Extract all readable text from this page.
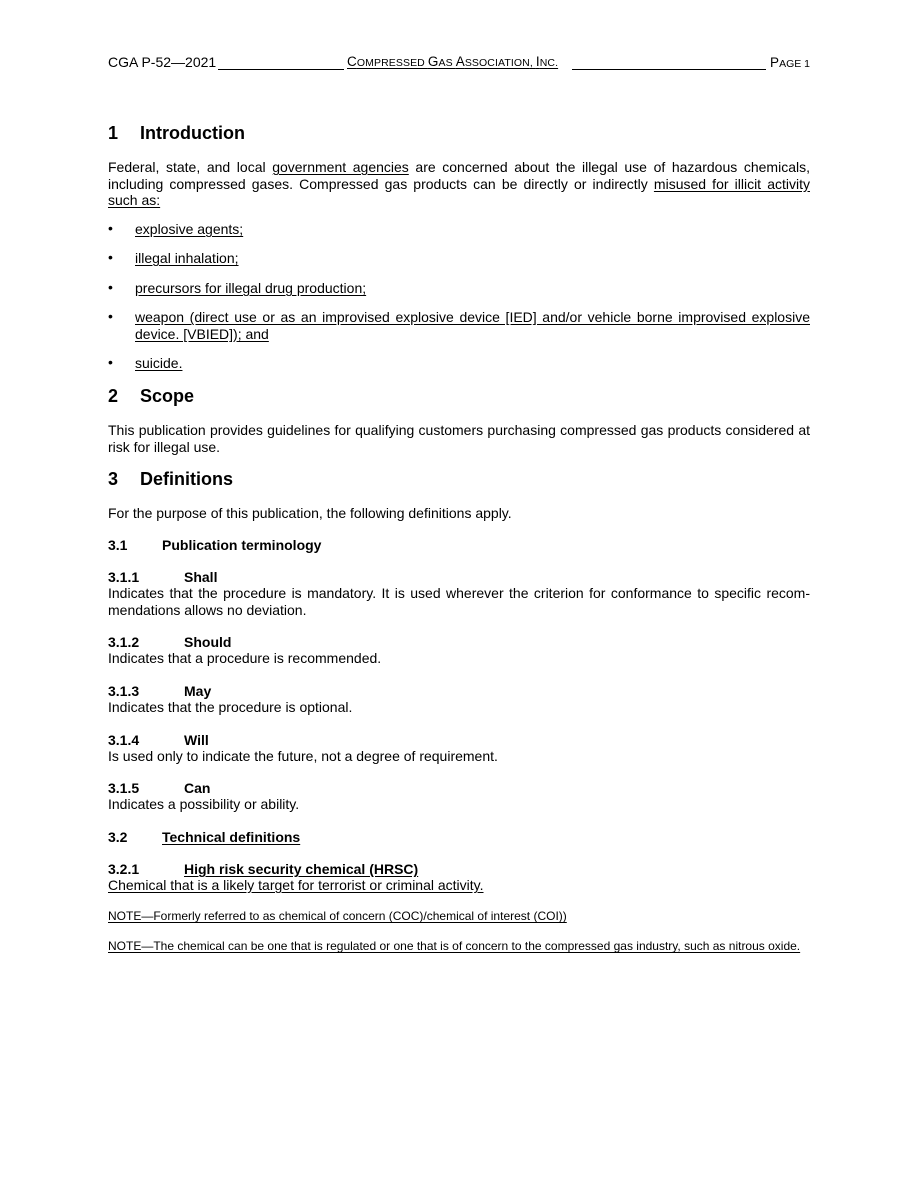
CGA P-52—2021	COMPRESSED GAS ASSOCIATION, INC.	PAGE 1
1 Introduction
Federal, state, and local government agencies are concerned about the illegal use of hazardous chemicals, including compressed gases. Compressed gas products can be directly or indirectly misused for illicit activity such as:
• explosive agents;
• illegal inhalation;
• precursors for illegal drug production;
• weapon (direct use or as an improvised explosive device [IED] and/or vehicle borne improvised explosive device. [VBIED]); and
• suicide.
2 Scope
This publication provides guidelines for qualifying customers purchasing compressed gas products considered at risk for illegal use.
3 Definitions
For the purpose of this publication, the following definitions apply.
3.1 Publication terminology
3.1.1	Shall
Indicates that the procedure is mandatory. It is used wherever the criterion for conformance to specific recom-mendations allows no deviation.
3.1.2	Should
Indicates that a procedure is recommended.
3.1.3	May
Indicates that the procedure is optional.
3.1.4	Will
Is used only to indicate the future, not a degree of requirement.
3.1.5	Can
Indicates a possibility or ability.
3.2 Technical definitions
3.2.1	High risk security chemical (HRSC)
Chemical that is a likely target for terrorist or criminal activity.
NOTE—Formerly referred to as chemical of concern (COC)/chemical of interest (COI))
NOTE—The chemical can be one that is regulated or one that is of concern to the compressed gas industry, such as nitrous oxide.
